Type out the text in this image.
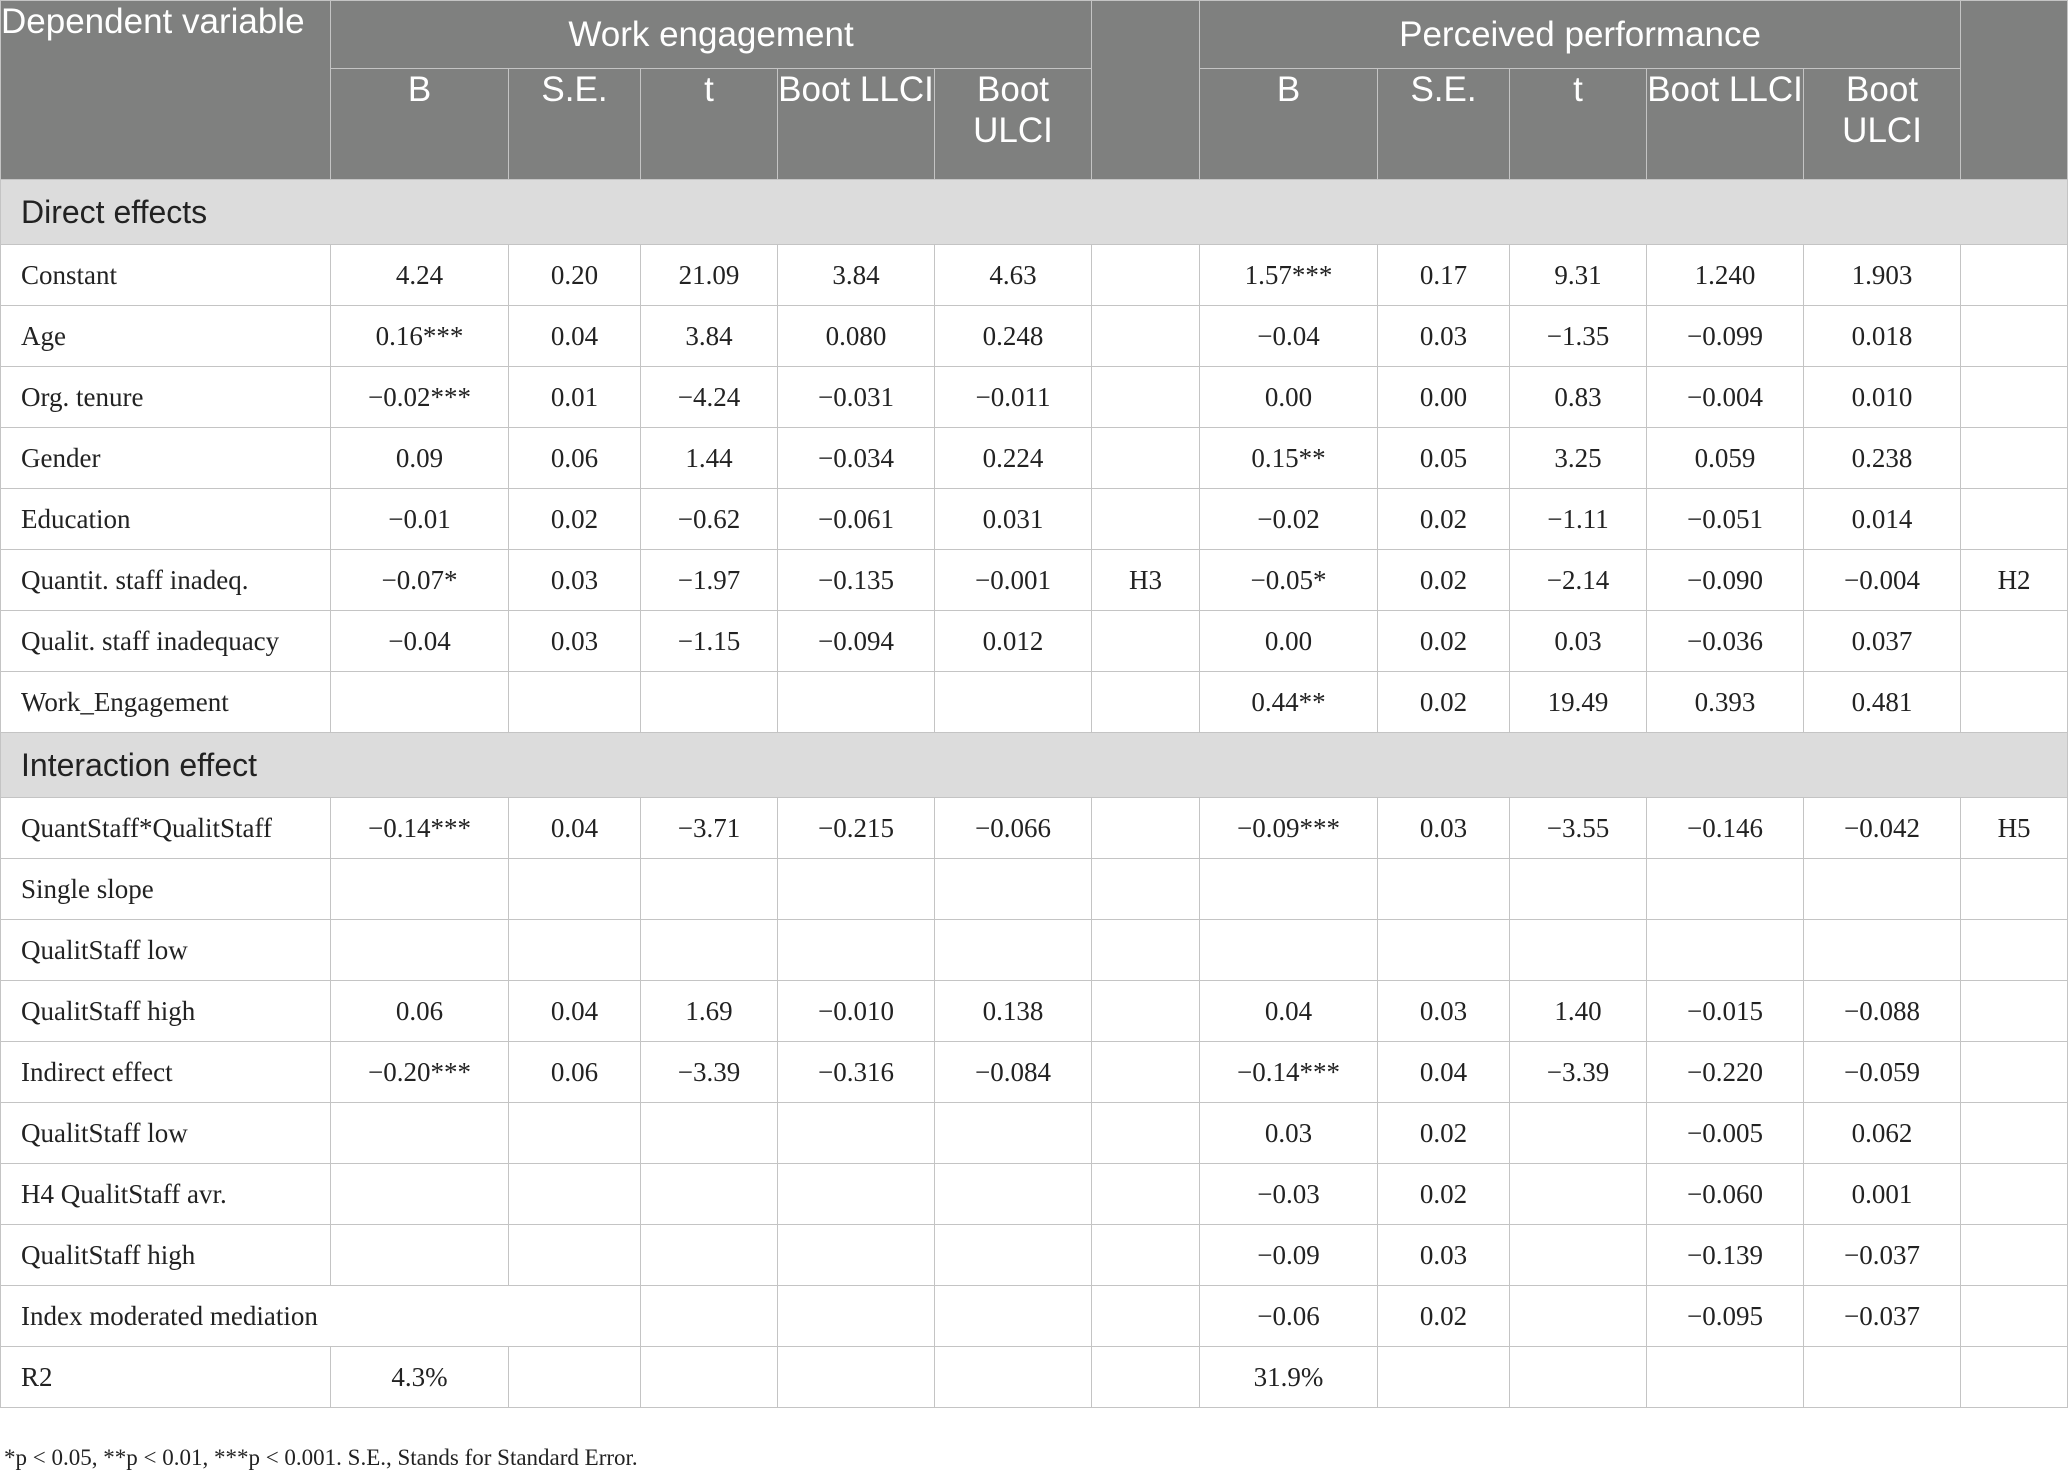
Dependent variable	Work engagement						Perceived performance					
	B	S.E.	t	Boot LLCI	Boot ULCI		B	S.E.	t	Boot LLCI	Boot ULCI	
Direct effects												
Constant	4.24	0.20	21.09	3.84	4.63		1.57***	0.17	9.31	1.240	1.903	
Age	0.16***	0.04	3.84	0.080	0.248		−0.04	0.03	−1.35	−0.099	0.018	
Org. tenure	−0.02***	0.01	−4.24	−0.031	−0.011		0.00	0.00	0.83	−0.004	0.010	
Gender	0.09	0.06	1.44	−0.034	0.224		0.15**	0.05	3.25	0.059	0.238	
Education	−0.01	0.02	−0.62	−0.061	0.031		−0.02	0.02	−1.11	−0.051	0.014	
Quantit. staff inadeq.	−0.07*	0.03	−1.97	−0.135	−0.001	H3	−0.05*	0.02	−2.14	−0.090	−0.004	H2
Qualit. staff inadequacy	−0.04	0.03	−1.15	−0.094	0.012		0.00	0.02	0.03	−0.036	0.037	
Work_Engagement							0.44**	0.02	19.49	0.393	0.481	
Interaction effect												
QuantStaff*QualitStaff	−0.14***	0.04	−3.71	−0.215	−0.066		−0.09***	0.03	−3.55	−0.146	−0.042	H5
Single slope												
QualitStaff low												
QualitStaff high	0.06	0.04	1.69	−0.010	0.138		0.04	0.03	1.40	−0.015	−0.088	
Indirect effect	−0.20***	0.06	−3.39	−0.316	−0.084		−0.14***	0.04	−3.39	−0.220	−0.059	
QualitStaff low							0.03	0.02		−0.005	0.062	
H4 QualitStaff avr.							−0.03	0.02		−0.060	0.001	
QualitStaff high							−0.09	0.03		−0.139	−0.037	
Index moderated mediation							−0.06	0.02		−0.095	−0.037	
R2	4.3%						31.9%					
*p < 0.05, **p < 0.01, ***p < 0.001. S.E., Stands for Standard Error.
